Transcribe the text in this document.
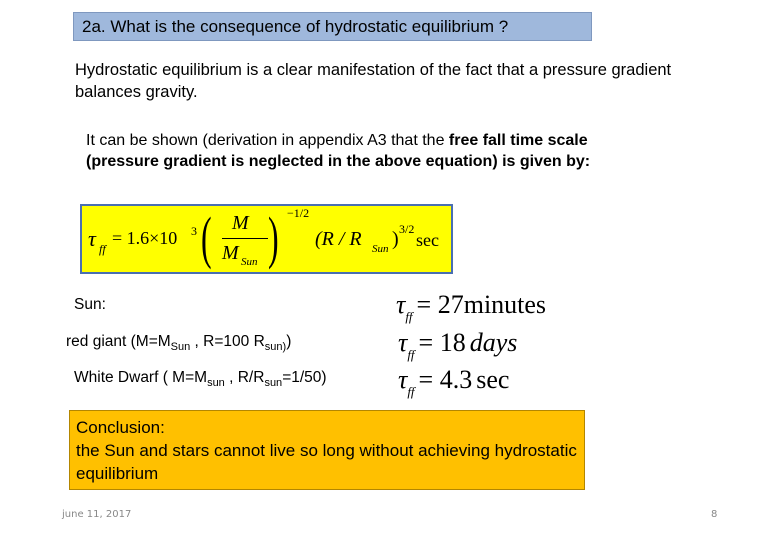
2a. What is the consequence of hydrostatic equilibrium ?
Hydrostatic equilibrium is a clear manifestation of the fact that a pressure gradient balances gravity.
It can be shown (derivation in appendix A3 that the free fall time scale (pressure gradient is neglected in the above equation) is given by:
τ ff
= 1.6×10 3 ( M
M Sun ) −1/2
(R / R Sun ) 3/2
sec
Sun:
red giant ($M=M_{Sun}$ , R=100 $R_{sun)}$)
White Dwarf ( $M=M_{sun}$ , $R/R_{sun}=1/50$)
$\tau_{ff}$ = 27minutes
$\tau_{ff} = 18$ days
$\tau_{ff} = 4.3$ sec
Conclusion:
the Sun and stars cannot live so long without achieving hydrostatic equilibrium
june 11, 2017	8
